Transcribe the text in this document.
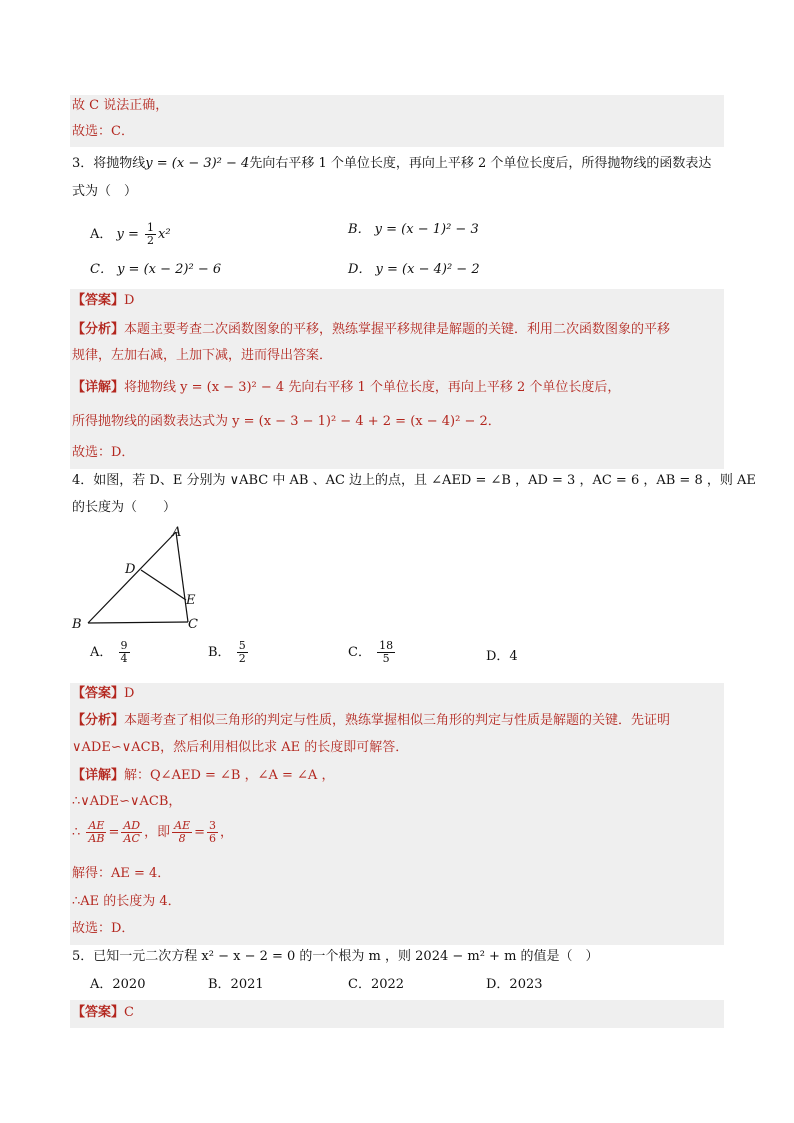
故 C 说法正确，
故选：C．
3．将抛物线y = (x − 3)² − 4先向右平移 1 个单位长度，再向上平移 2 个单位长度后，所得抛物线的函数表达
式为（　）
A． $y = \frac{1}{2} x^2$	B． y = (x − 1)² − 3
C． y = (x − 2)² − 6	D． y = (x − 4)² − 2
【答案】D
【分析】本题主要考查二次函数图象的平移，熟练掌握平移规律是解题的关键．利用二次函数图象的平移
规律，左加右减，上加下减，进而得出答案．
【详解】将抛物线 y = (x − 3)² − 4 先向右平移 1 个单位长度，再向上平移 2 个单位长度后，
所得抛物线的函数表达式为 y = (x − 3 − 1)² − 4 + 2 = (x − 4)² − 2．
故选：D．
4．如图，若 D、E 分别为 ∨ABC 中 AB 、AC 边上的点，且 ∠AED = ∠B ，AD = 3 ，AC = 6 ，AB = 8 ，则 AE
的长度为（　　）
A
D
E
B	C
A． $\frac{9}{4}$	B． $\frac{5}{2}$	C． $\frac{18}{5}$	D．4
【答案】D
【分析】本题考查了相似三角形的判定与性质，熟练掌握相似三角形的判定与性质是解题的关键．先证明
∨ADE∽∨ACB，然后利用相似比求 AE 的长度即可解答．
【详解】解：Q∠AED = ∠B ，∠A = ∠A ，
∴∨ADE∽∨ACB，
∴ $\frac{AE}{AB} = \frac{AD}{AC}$ ，即 $\frac{AE}{8} = \frac{3}{6}$ ，
解得：AE = 4．
∴AE 的长度为 4．
故选：D．
5．已知一元二次方程 x² − x − 2 = 0 的一个根为 m ，则 2024 − m² + m 的值是（　）
A．2020	B．2021	C．2022	D．2023
【答案】C
